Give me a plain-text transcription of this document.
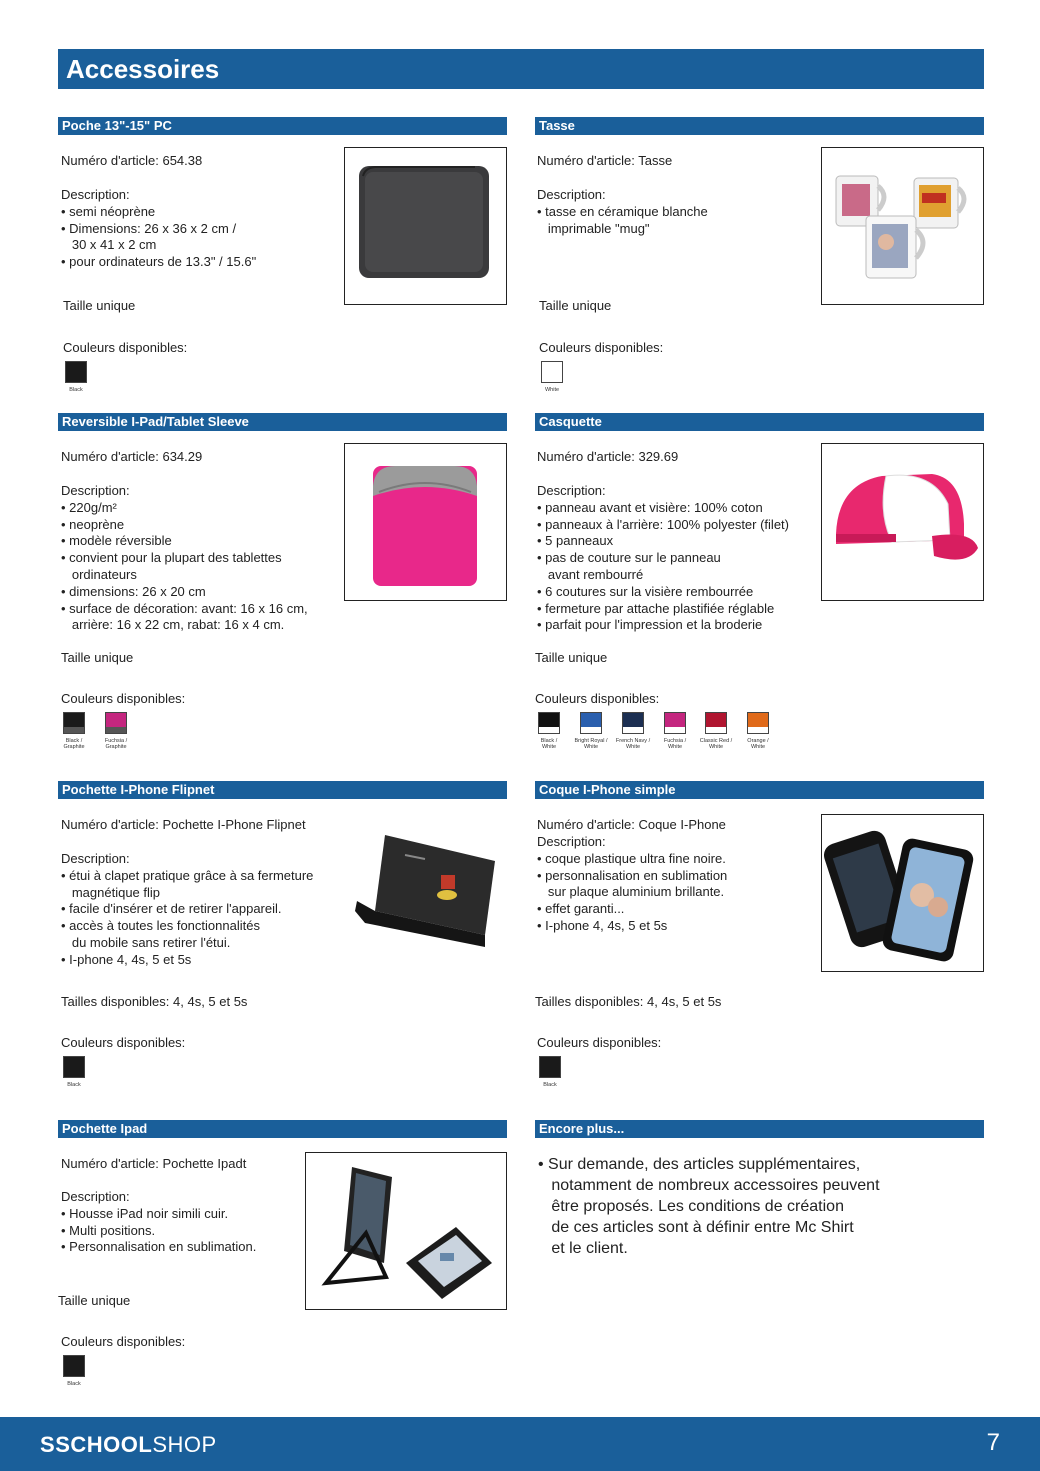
Accessoires
Poche 13"-15" PC
Numéro d'article: 654.38
Description:
• semi néoprène
• Dimensions: 26 x 36 x 2 cm /
30 x 41 x 2 cm
• pour ordinateurs de 13.3" / 15.6"
Taille unique
Couleurs disponibles:
Black
Tasse
Numéro d'article: Tasse
Description:
• tasse en céramique blanche
imprimable "mug"
Taille unique
Couleurs disponibles:
White
Reversible I-Pad/Tablet Sleeve
Numéro d'article: 634.29
Description:
• 220g/m²
• neoprène
• modèle réversible
• convient pour la plupart des tablettes
ordinateurs
• dimensions: 26 x 20 cm
• surface de décoration: avant: 16 x 16 cm,
arrière: 16 x 22 cm, rabat: 16 x 4 cm.
Taille unique
Couleurs disponibles:
Black /
Graphite
Fuchsia /
Graphite
Casquette
Numéro d'article: 329.69
Description:
• panneau avant et visière: 100% coton
• panneaux à l'arrière: 100% polyester (filet)
• 5 panneaux
• pas de couture sur le panneau
avant rembourré
• 6 coutures sur la visière rembourrée
• fermeture par attache plastifiée réglable
• parfait pour l'impression et la broderie
Taille unique
Couleurs disponibles:
Black /
White
Bright Royal /
White
French Navy /
White
Fuchsia /
White
Classic Red /
White
Orange /
White
Pochette I-Phone Flipnet
Numéro d'article: Pochette I-Phone Flipnet
Description:
• étui à clapet pratique grâce à sa fermeture
magnétique flip
• facile d'insérer et de retirer l'appareil.
• accès à toutes les fonctionnalités
du mobile sans retirer l'étui.
• I-phone 4, 4s, 5 et 5s
Tailles disponibles: 4, 4s, 5 et 5s
Couleurs disponibles:
Black
Coque I-Phone simple
Numéro d'article: Coque I-Phone
Description:
• coque plastique ultra fine noire.
• personnalisation en sublimation
sur plaque aluminium brillante.
• effet garanti...
• I-phone 4, 4s, 5 et 5s
Tailles disponibles: 4, 4s, 5 et 5s
Couleurs disponibles:
Black
Pochette Ipad
Numéro d'article: Pochette Ipadt
Description:
• Housse iPad noir simili cuir.
• Multi positions.
• Personnalisation en sublimation.
Taille unique
Couleurs disponibles:
Black
Encore plus...
• Sur demande, des articles supplémentaires,
notamment de nombreux accessoires peuvent
être proposés. Les conditions de création
de ces articles sont à définir entre Mc Shirt
et le client.
SSCHOOLSHOP	7
